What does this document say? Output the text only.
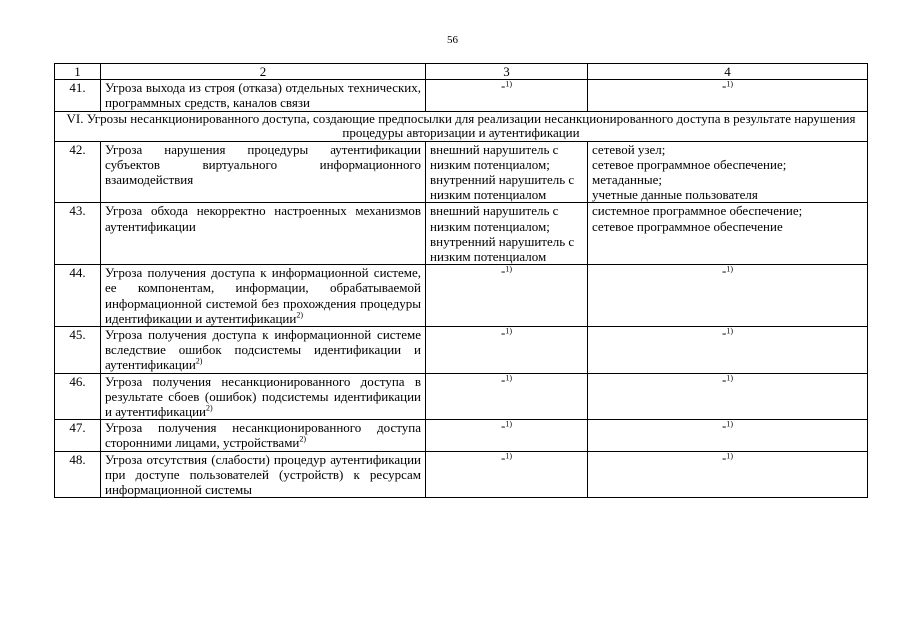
56
1	2	3	4
41.	Угроза выхода из строя (отказа) отдельных технических, программных средств, каналов связи	-$^{1)}$	-$^{1)}$
VI. Угрозы несанкционированного доступа, создающие предпосылки для реализации несанкционированного доступа в результате нарушения процедуры авторизации и аутентификации			
42.	Угроза нарушения процедуры аутентификации субъектов виртуального информационного взаимодействия	внешний нарушитель с низким потенциалом; внутренний нарушитель с низким потенциалом	сетевой узел;
сетевое программное обеспечение;
метаданные;
учетные данные пользователя

43.	Угроза обхода некорректно настроенных механизмов аутентификации	внешний нарушитель с низким потенциалом; внутренний нарушитель с низким потенциалом	системное программное обеспечение;
сетевое программное обеспечение

44.	Угроза получения доступа к информационной системе, ее компонентам, информации, обрабатываемой информационной системой без прохождения процедуры идентификации и аутентификации$^{2)}$	-$^{1)}$	-$^{1)}$
45.	Угроза получения доступа к информационной системе вследствие ошибок подсистемы идентификации и аутентификации$^{2)}$	-$^{1)}$	-$^{1)}$
46.	Угроза получения несанкционированного доступа в результате сбоев (ошибок) подсистемы идентификации и аутентификации$^{2)}$	-$^{1)}$	-$^{1)}$
47.	Угроза получения несанкционированного доступа сторонними лицами, устройствами$^{2)}$	-$^{1)}$	-$^{1)}$
48.	Угроза отсутствия (слабости) процедур аутентификации при доступе пользователей (устройств) к ресурсам информационной системы	-$^{1)}$	-$^{1)}$
